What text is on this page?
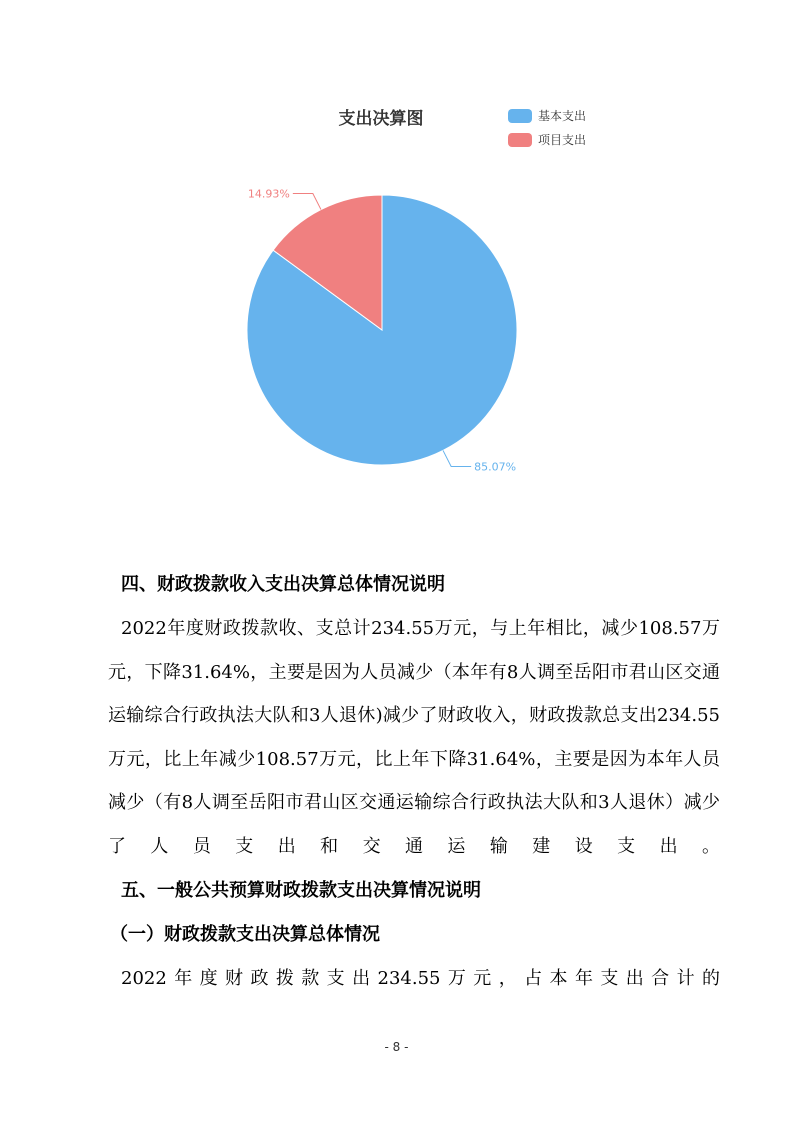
支出决算图	基本支出
项目支出
85.07%
14.93%

四、财政拨款收入支出决算总体情况说明

2022年度财政拨款收、支总计234.55万元，与上年相比，减少108.57万元，下降31.64%，主要是因为人员减少（本年有8人调至岳阳市君山区交通运输综合行政执法大队和3人退休)减少了财政收入，财政拨款总支出234.55万元，比上年减少108.57万元，比上年下降31.64%，主要是因为本年人员减少（有8人调至岳阳市君山区交通运输综合行政执法大队和3人退休）减少了人员支出和交通运输建设支出。

五、一般公共预算财政拨款支出决算情况说明

（一）财政拨款支出决算总体情况

2022年度财政拨款支出234.55万元，占本年支出合计的

- 8 -
